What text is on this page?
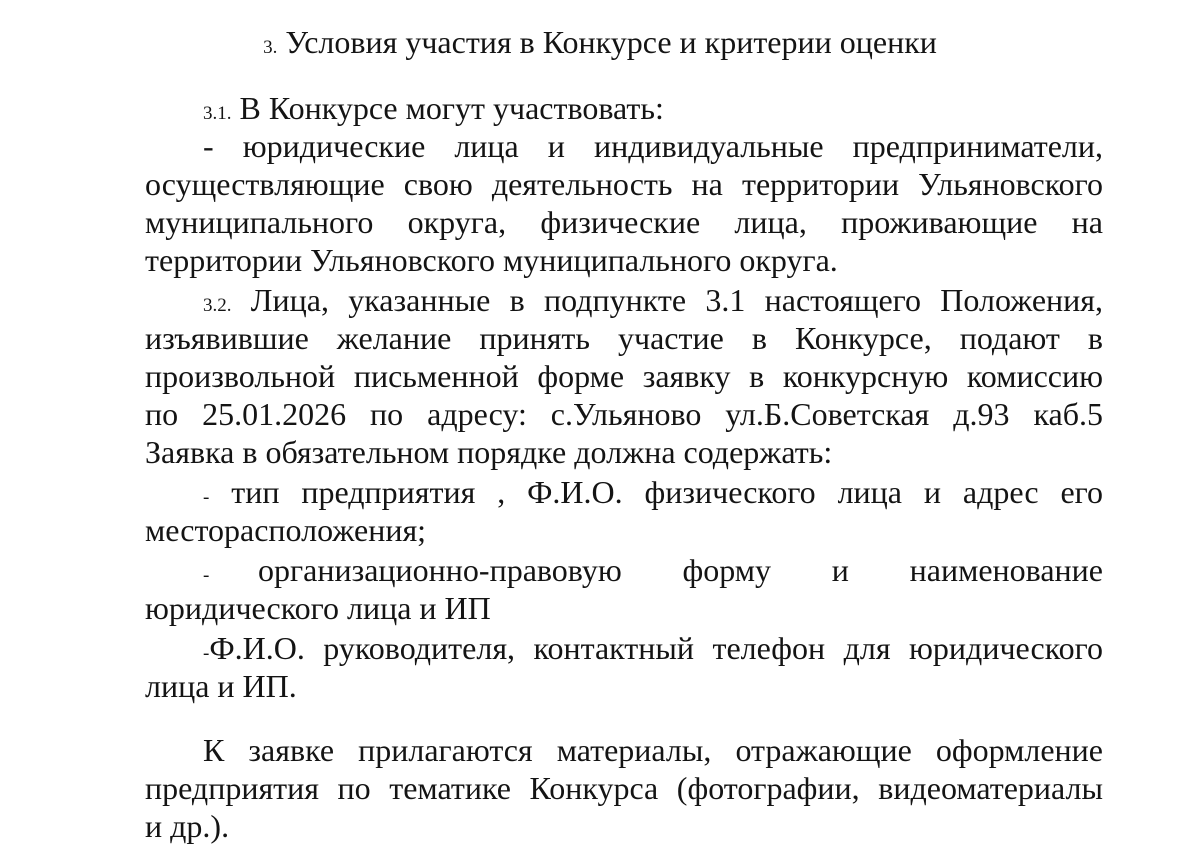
3. Условия участия в Конкурсе и критерии оценки
3.1. В Конкурсе могут участвовать:
- юридические лица и индивидуальные предприниматели,
осуществляющие свою деятельность на территории Ульяновского
муниципального округа, физические лица, проживающие на
территории Ульяновского муниципального округа.
3.2. Лица, указанные в подпункте 3.1 настоящего Положения,
изъявившие желание принять участие в Конкурсе, подают в
произвольной письменной форме заявку в конкурсную комиссию
по 25.01.2026 по адресу: с.Ульяново ул.Б.Советская д.93 каб.5
Заявка в обязательном порядке должна содержать:
- тип предприятия , Ф.И.О. физического лица и адрес его
месторасположения;
- организационно-правовую форму и наименование
юридического лица и ИП
-Ф.И.О. руководителя, контактный телефон для юридического
лица и ИП.
К заявке прилагаются материалы, отражающие оформление
предприятия по тематике Конкурса (фотографии, видеоматериалы
и др.).
